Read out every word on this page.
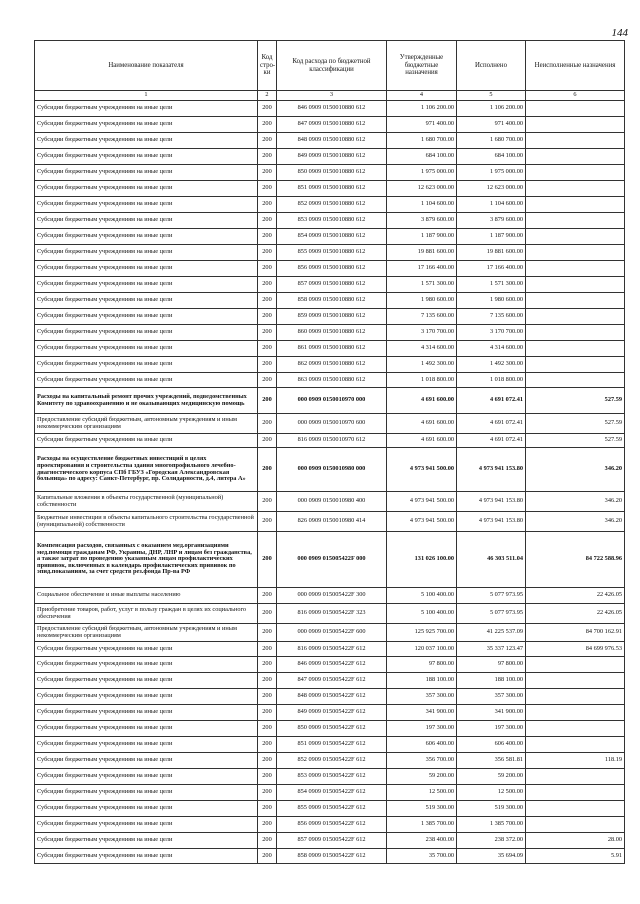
144
Наименование показателя	Код стро-ки	Код расхода по бюджетной классификации	Утвержденные бюджетные назначения	Исполнено	Неисполненные назначения
1	2	3	4	5	6
Субсидии бюджетным учреждениям на иные цели	200	846 0909 0150010880 612	1 106 200.00	1 106 200.00	
Субсидии бюджетным учреждениям на иные цели	200	847 0909 0150010880 612	971 400.00	971 400.00	
Субсидии бюджетным учреждениям на иные цели	200	848 0909 0150010880 612	1 680 700.00	1 680 700.00	
Субсидии бюджетным учреждениям на иные цели	200	849 0909 0150010880 612	684 100.00	684 100.00	
Субсидии бюджетным учреждениям на иные цели	200	850 0909 0150010880 612	1 975 000.00	1 975 000.00	
Субсидии бюджетным учреждениям на иные цели	200	851 0909 0150010880 612	12 623 000.00	12 623 000.00	
Субсидии бюджетным учреждениям на иные цели	200	852 0909 0150010880 612	1 104 600.00	1 104 600.00	
Субсидии бюджетным учреждениям на иные цели	200	853 0909 0150010880 612	3 879 600.00	3 879 600.00	
Субсидии бюджетным учреждениям на иные цели	200	854 0909 0150010880 612	1 187 900.00	1 187 900.00	
Субсидии бюджетным учреждениям на иные цели	200	855 0909 0150010880 612	19 881 600.00	19 881 600.00	
Субсидии бюджетным учреждениям на иные цели	200	856 0909 0150010880 612	17 166 400.00	17 166 400.00	
Субсидии бюджетным учреждениям на иные цели	200	857 0909 0150010880 612	1 571 300.00	1 571 300.00	
Субсидии бюджетным учреждениям на иные цели	200	858 0909 0150010880 612	1 980 600.00	1 980 600.00	
Субсидии бюджетным учреждениям на иные цели	200	859 0909 0150010880 612	7 135 600.00	7 135 600.00	
Субсидии бюджетным учреждениям на иные цели	200	860 0909 0150010880 612	3 170 700.00	3 170 700.00	
Субсидии бюджетным учреждениям на иные цели	200	861 0909 0150010880 612	4 314 600.00	4 314 600.00	
Субсидии бюджетным учреждениям на иные цели	200	862 0909 0150010880 612	1 492 300.00	1 492 300.00	
Субсидии бюджетным учреждениям на иные цели	200	863 0909 0150010880 612	1 018 800.00	1 018 800.00	
Расходы на капитальный ремонт прочих учреждений, подведомственных Комитету по здравоохранению и не оказывающих медицинскую помощь	200	000 0909 0150010970 000	4 691 600.00	4 691 072.41	527.59
Предоставление субсидий бюджетным, автономным учреждениям и иным некоммерческим организациям	200	000 0909 0150010970 600	4 691 600.00	4 691 072.41	527.59
Субсидии бюджетным учреждениям на иные цели	200	816 0909 0150010970 612	4 691 600.00	4 691 072.41	527.59
Расходы на осуществление бюджетных инвестиций в целях проектирования и строительства здания многопрофильного лечебно-диагностического корпуса СПб ГБУЗ «Городская Александровская больница» по адресу: Санкт-Петербург, пр. Солидарности, д.4, литера А»	200	000 0909 0150010980 000	4 973 941 500.00	4 973 941 153.80	346.20
Капитальные вложения в объекты государственной (муниципальной) собственности	200	000 0909 0150010980 400	4 973 941 500.00	4 973 941 153.80	346.20
Бюджетные инвестиции в объекты капитального строительства государственной (муниципальной) собственности	200	826 0909 0150010980 414	4 973 941 500.00	4 973 941 153.80	346.20
Компенсация расходов, связанных с оказанием мед.организациями мед.помощи гражданам РФ, Украины, ДНР, ЛНР и лицам без гражданства, а также затрат по проведению указанным лицам профилактических прививок, включенных в календарь профилактических прививок по эпид.показаниям, за счет средств рез.фонда Пр-ва РФ	200	000 0909 015005422F 000	131 026 100.00	46 303 511.04	84 722 588.96
Социальное обеспечение и иные выплаты населению	200	000 0909 015005422F 300	5 100 400.00	5 077 973.95	22 426.05
Приобретение товаров, работ, услуг в пользу граждан в целях их социального обеспечения	200	816 0909 015005422F 323	5 100 400.00	5 077 973.95	22 426.05
Предоставление субсидий бюджетным, автономным учреждениям и иным некоммерческим организациям	200	000 0909 015005422F 600	125 925 700.00	41 225 537.09	84 700 162.91
Субсидии бюджетным учреждениям на иные цели	200	816 0909 015005422F 612	120 037 100.00	35 337 123.47	84 699 976.53
Субсидии бюджетным учреждениям на иные цели	200	846 0909 015005422F 612	97 800.00	97 800.00	
Субсидии бюджетным учреждениям на иные цели	200	847 0909 015005422F 612	188 100.00	188 100.00	
Субсидии бюджетным учреждениям на иные цели	200	848 0909 015005422F 612	357 300.00	357 300.00	
Субсидии бюджетным учреждениям на иные цели	200	849 0909 015005422F 612	341 900.00	341 900.00	
Субсидии бюджетным учреждениям на иные цели	200	850 0909 015005422F 612	197 300.00	197 300.00	
Субсидии бюджетным учреждениям на иные цели	200	851 0909 015005422F 612	606 400.00	606 400.00	
Субсидии бюджетным учреждениям на иные цели	200	852 0909 015005422F 612	356 700.00	356 581.81	118.19
Субсидии бюджетным учреждениям на иные цели	200	853 0909 015005422F 612	59 200.00	59 200.00	
Субсидии бюджетным учреждениям на иные цели	200	854 0909 015005422F 612	12 500.00	12 500.00	
Субсидии бюджетным учреждениям на иные цели	200	855 0909 015005422F 612	519 300.00	519 300.00	
Субсидии бюджетным учреждениям на иные цели	200	856 0909 015005422F 612	1 385 700.00	1 385 700.00	
Субсидии бюджетным учреждениям на иные цели	200	857 0909 015005422F 612	238 400.00	238 372.00	28.00
Субсидии бюджетным учреждениям на иные цели	200	858 0909 015005422F 612	35 700.00	35 694.09	5.91
